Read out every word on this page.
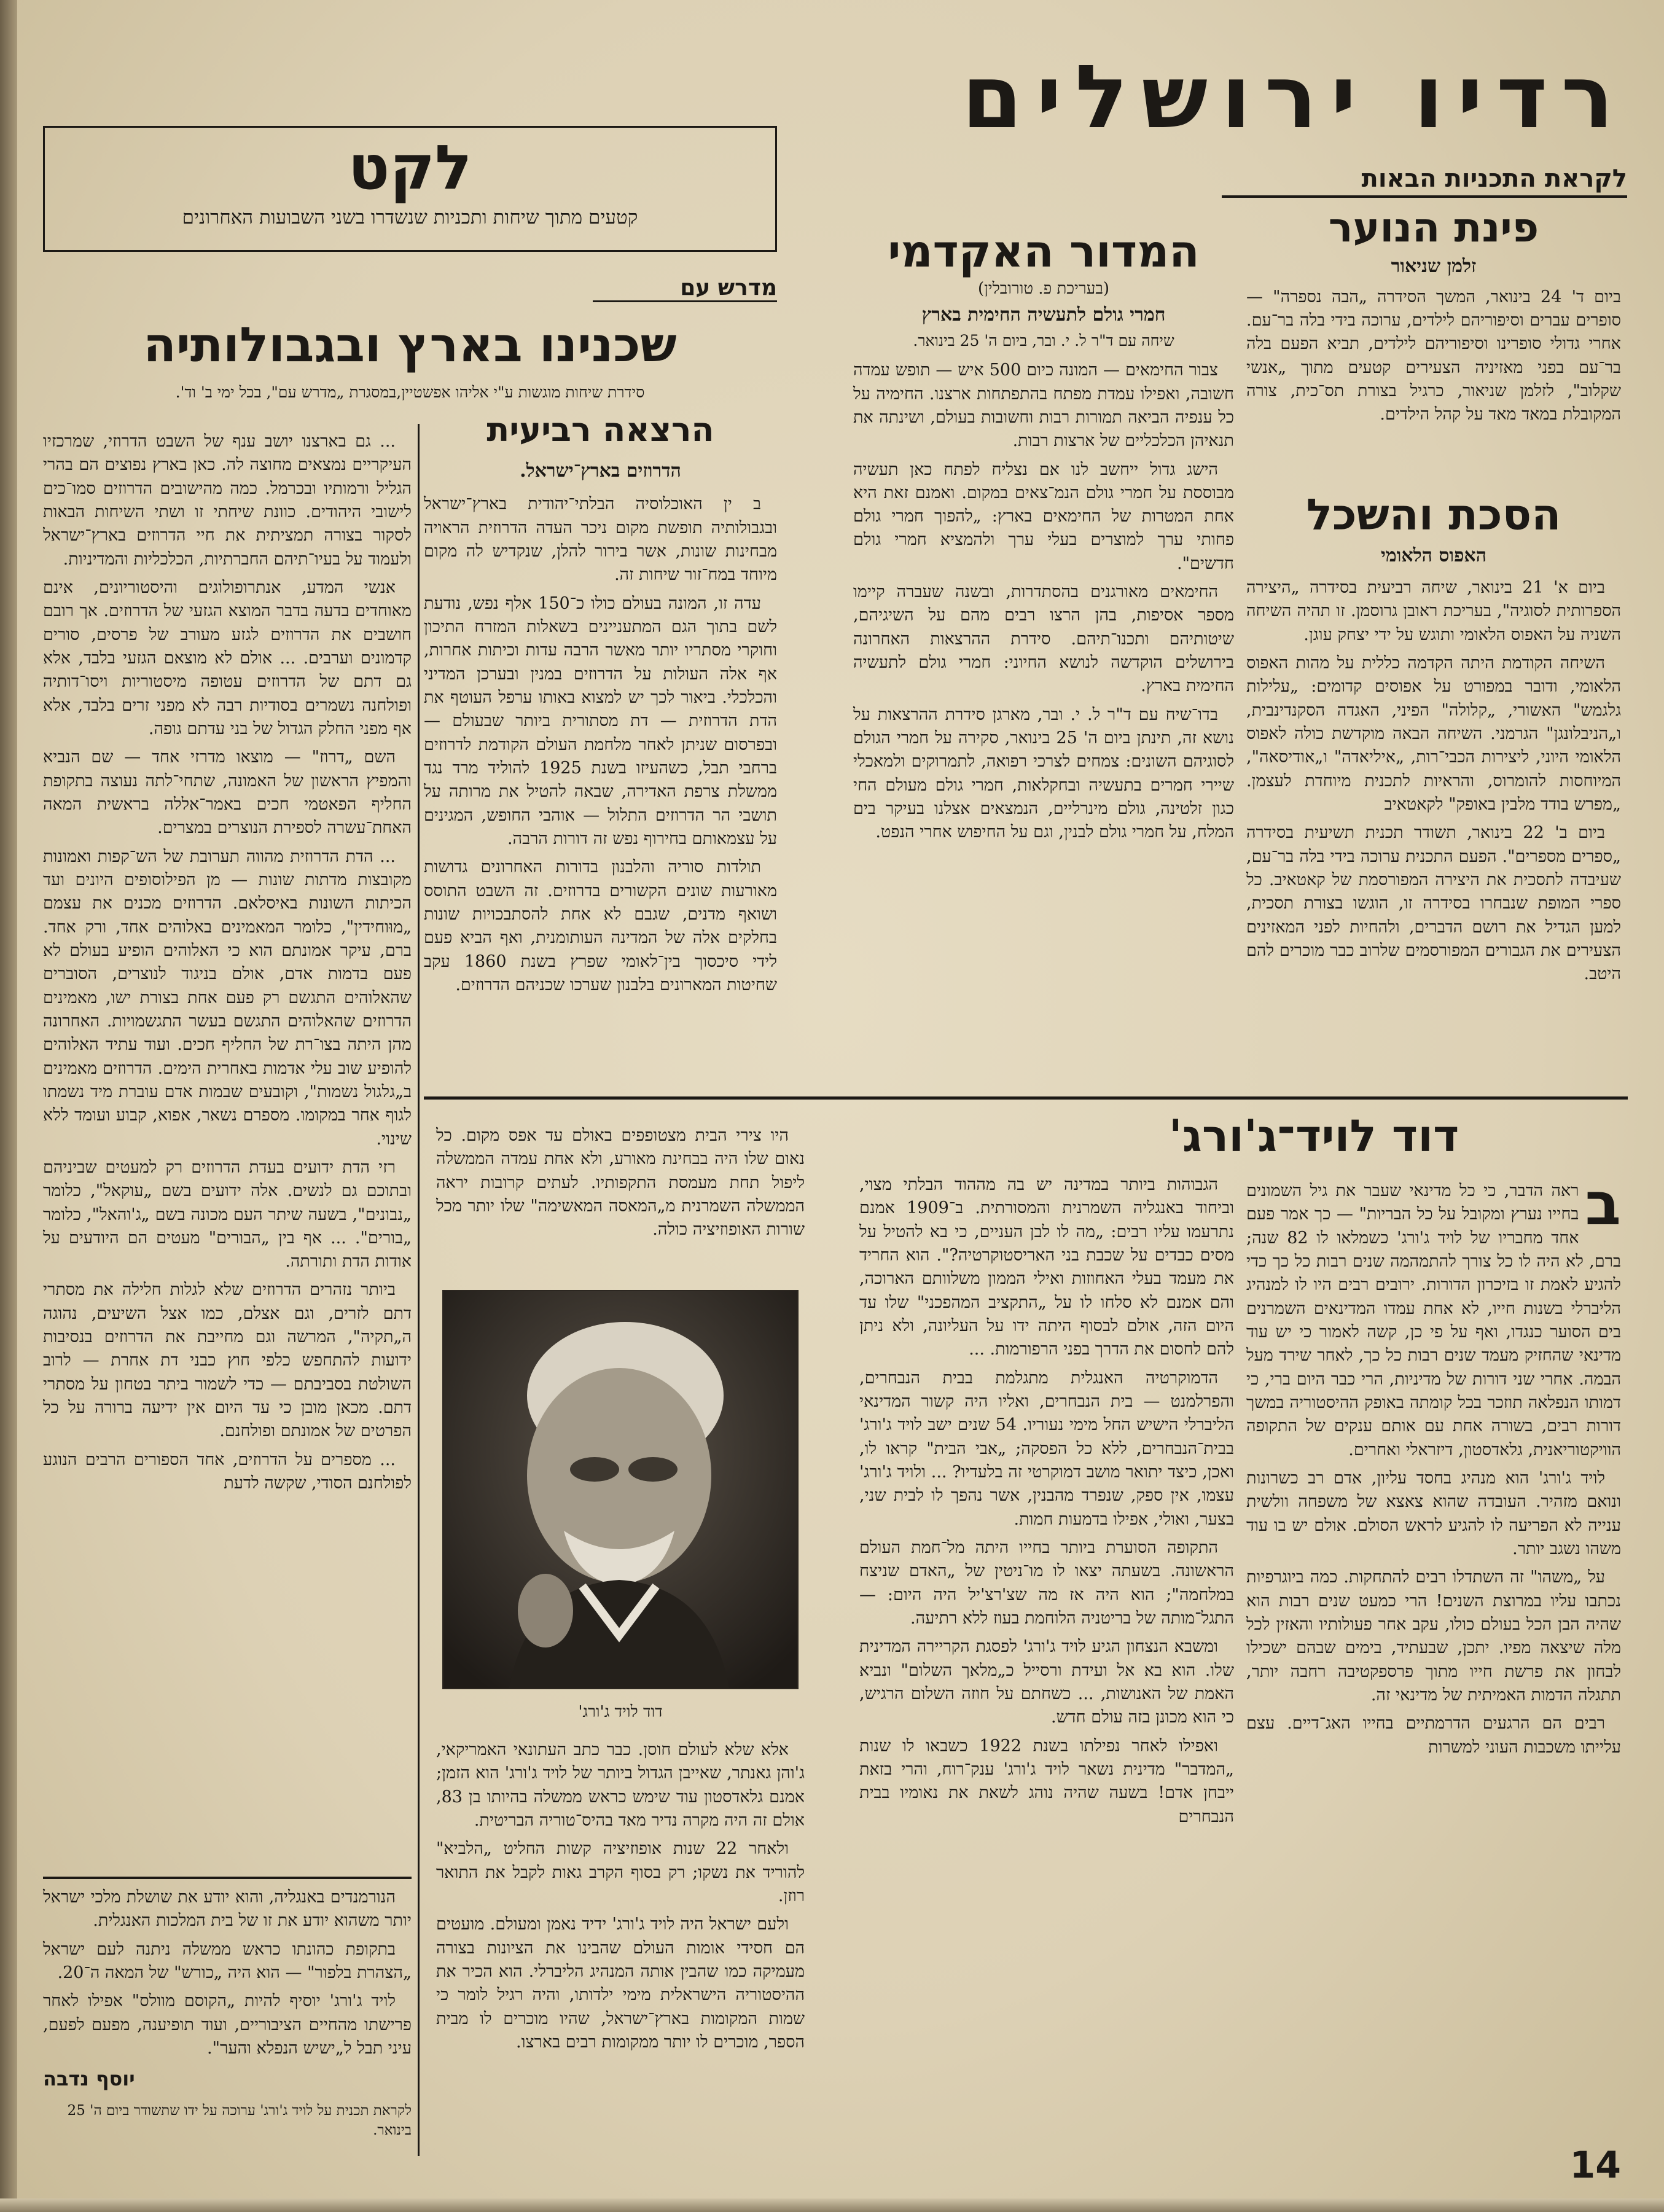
רדיו ירושלים
לקראת התכניות הבאות
לקט
קטעים מתוך שיחות ותכניות שנשדרו בשני השבועות האחרונים	פינת הנוער
זלמן שניאור
ביום ד' 24 בינואר, המשך הסידרה „הבה נספרה" — סופרים עברים וסיפוריהם לילדים, ערוכה בידי בלה בר־עם. אחרי גדולי סופרינו וסיפוריהם לילדים, תביא הפעם בלה בר־עם בפני מאזיניה הצעירים קטעים מתוך „אנשי שקלוב", לזלמן שניאור, כרגיל בצורת תס־כית, צורה המקובלת במאד מאד על קהל הילדים.
הסכת והשכל
האפוס הלאומי

ביום א' 21 בינואר, שיחה רביעית בסידרה „היצירה הספרותית לסוגיה", בעריכת ראובן גרוסמן. זו תהיה השיחה השניה על האפוס הלאומי ותוגש על ידי יצחק עוגן.

השיחה הקודמת היתה הקדמה כללית על מהות האפוס הלאומי, ודובר במפורט על אפוסים קדומים: „עלילות גלגמש" האשורי, „קלולה" הפיני, האגדה הסקנדינבית, ו„הניבלונגן" הגרמני. השיחה הבאה מוקדשת כולה לאפוס הלאומי היוני, ליצירות הכבי־רות, „איליאדה" ו„אודיסאה", המיוחסות להומרוס, והראיות לתכנית מיוחדת לעצמן. „מפרש בודד מלבין באופק" לקאטאיב

ביום ב' 22 בינואר, תשודר תכנית תשיעית בסידרה „ספרים מספרים". הפעם התכנית ערוכה בידי בלה בר־עם, שעיבדה לתסכית את היצירה המפורסמת של קאטאיב. כל ספרי המופת שנבחרו בסידרה זו, הוגשו בצורת תסכית, למען הגדיל את רושם הדברים, ולהחיות לפני המאזינים הצעירים את הגבורים המפורסמים שלרוב כבר מוכרים להם היטב.

המדור האקדמי
(בעריכת פ. טורובלין)
חמרי גולם לתעשיה החימית בארץ
שיחה עם ד"ר ל. י. ובר, ביום ה' 25 בינואר.

צבור החימאים — המונה כיום 500 איש — תופש עמדה חשובה, ואפילו עמדת מפתח בהתפתחות ארצנו. החימיה על כל ענפיה הביאה תמורות רבות וחשובות בעולם, ושינתה את תנאיהן הכלכליים של ארצות רבות.

הישג גדול ייחשב לנו אם נצליח לפתח כאן תעשיה מבוססת על חמרי גולם הנמ־צאים במקום. ואמנם זאת היא אחת המטרות של החימאים בארץ: „להפוך חמרי גולם פחותי ערך למוצרים בעלי ערך ולהמציא חמרי גולם חדשים".

החימאים מאורגנים בהסתדרות, ובשנה שעברה קיימו מספר אסיפות, בהן הרצו רבים מהם על השיגיהם, שיטותיהם ותכנו־תיהם. סידרת ההרצאות האחרונה בירושלים הוקדשה לנושא החיוני: חמרי גולם לתעשיה החימית בארץ.

בדו־שיח עם ד"ר ל. י. ובר, מארגן סידרת ההרצאות על נושא זה, תינתן ביום ה' 25 בינואר, סקירה על חמרי הגולם לסוגיהם השונים: צמחים לצרכי רפואה, לתמרוקים ולמאכלי שיירי חמרים בתעשיה ובחקלאות, חמרי גולם מעולם החי כגון זלטינה, גולם מינרליים, הנמצאים אצלנו בעיקר בים המלח, על חמרי גולם לבנין, וגם על החיפוש אחרי הנפט.

מדרש עם
שכנינו בארץ ובגבולותיה
סידרת שיחות מוגשות ע"י אליהו אפשטיין,במסגרת „מדרש עם", בכל ימי ב' וד'.
הרצאה רביעית
הדרוזים בארץ־ישראל.

ב ין האוכלוסיה הבלתי־יהודית בארץ־ישראל ובגבולותיה תופשת מקום ניכר העדה הדרוזית הראויה מבחינות שונות, אשר בירור להלן, שנקדיש לה מקום מיוחד במח־זור שיחות זה.

עדה זו, המונה בעולם כולו כ־150 אלף נפש, נודעת לשם בתוך הגם המתעניינים בשאלות המזרח התיכון וחוקרי מסתריו יותר מאשר הרבה עדות וכיתות אחרות, אף אלה העולות על הדרוזים במנין ובערכן המדיני והכלכלי. ביאור לכך יש למצוא באותו ערפל העוטף את הדת הדרוזית — דת מסתורית ביותר שבעולם — ובפרסום שניתן לאחר מלחמת העולם הקודמת לדרוזים ברחבי תבל, כשהעיזו בשנת 1925 להוליד מרד נגד ממשלת צרפת האדירה, שבאה להטיל את מרותה על תושבי הר הדרוזים התלול — אוהבי החופש, המגינים על עצמאותם בחירוף נפש זה דורות הרבה.

תולדות סוריה והלבנון בדורות האחרונים גדושות מאורעות שונים הקשורים בדרוזים. זה השבט התוסס ושואף מדנים, שגבם לא אחת להסתבכויות שונות בחלקים אלה של המדינה העותומנית, ואף הביא פעם לידי סיכסוך בין־לאומי שפרץ בשנת 1860 עקב שחיטות המארונים בלבנון שערכו שכניהם הדרוזים.

... גם בארצנו יושב ענף של השבט הדרוזי, שמרכזיו העיקריים נמצאים מחוצה לה. כאן בארץ נפוצים הם בהרי הגליל ורמותיו ובכרמל. כמה מהישובים הדרוזים סמו־כים לישובי היהודים. כוונת שיחתי זו ושתי השיחות הבאות לסקור בצורה תמציתית את חיי הדרוזים בארץ־ישראל ולעמוד על בעיו־תיהם החברתיות, הכלכליות והמדיניות.

אנשי המדע, אנתרופולוגים והיסטוריונים, אינם מאוחדים בדעה בדבר המוצא הגזעי של הדרוזים. אך רובם חושבים את הדרוזים לגזע מעורב של פרסים, סורים קדמונים וערבים. ... אולם לא מוצאם הגזעי בלבד, אלא גם דתם של הדרוזים עטופה מיסטוריות ויסו־דותיה ופולחנה נשמרים בסודיות רבה לא מפני זרים בלבד, אלא אף מפני החלק הגדול של בני עדתם גופה.

השם „דרוז" — מוצאו מדרזי אחד — שם הנביא והמפיץ הראשון של האמונה, שתחי־לתה נעוצה בתקופת החליף הפאטמי חכים באמר־אללה בראשית המאה האחת־עשרה לספירת הנוצרים במצרים.

... הדת הדרוזית מהווה תערובת של הש־קפות ואמונות מקובצות מדתות שונות — מן הפילוסופים היונים ועד הכיתות השונות באיסלאם. הדרוזים מכנים את עצמם „מוּוחידין", כלומר המאמינים באלוהים אחד, ורק אחד. ברם, עיקר אמונתם הוא כי האלוהים הופיע בעולם לא פעם בדמות אדם, אולם בניגוד לנוצרים, הסוברים שהאלוהים התגשם רק פעם אחת בצורת ישו, מאמינים הדרוזים שהאלוהים התגשם בעשר התגשמויות. האחרונה מהן היתה בצו־רת של החליף חכים. ועוד עתיד האלוהים להופיע שוב עלי אדמות באחרית הימים. הדרוזים מאמינים ב„גלגול נשמות", וקובעים שבמות אדם עוברת מיד נשמתו לגוף אחר במקומו. מספרם נשאר, אפוא, קבוע ועומד ללא שינוי.

רזי הדת ידועים בעדת הדרוזים רק למעטים שביניהם ובתוכם גם לנשים. אלה ידועים בשם „עוקאל", כלומר „נבונים", בשעה שיתר העם מכונה בשם „ג'והאל", כלומר „בורים". ... אף בין „הבורים" מעטים הם היודעים על אודות הדת ותורתה.

ביותר נזהרים הדרוזים שלא לגלות חלילה את מסתרי דתם לזרים, וגם אצלם, כמו אצל השיעים, נהוגה ה„תקיה", המרשה וגם מחייבת את הדרוזים בנסיבות ידועות להתחפש כלפי חוץ כבני דת אחרת — לרוב השולטת בסביבתם — כדי לשמור ביתר בטחון על מסתרי דתם. מכאן מובן כי עד היום אין ידיעה ברורה על כל הפרטים של אמונתם ופולחנם.

... מספרים על הדרוזים, אחד הספורים הרבים הנוגע לפולחנם הסודי, שקשה לדעת

דוד לויד־ג'ורג'
ב

ראה הדבר, כי כל מדינאי שעבר את גיל השמונים בחייו נערץ ומקובל על כל הבריות" — כך אמר פעם אחד מחבריו של לויד ג'ורג' כשמלאו לו 82 שנה; ברם, לא היה לו כל צורך להתמהמה שנים רבות כל כך כדי להגיע לאמת זו בזיכרון הדורות. ירובים רבים היו לו למנהיג הליברלי בשנות חייו, לא אחת עמדו המדינאים השמרנים בים הסוער כנגדו, ואף על פי כן, קשה לאמור כי יש עוד מדינאי שהחזיק מעמד שנים רבות כל כך, לאחר שירד מעל הבמה. אחרי שני דורות של מדיניות, הרי כבר היום ברי, כי דמותו הנפלאה תוזכר בכל קומתה באופק ההיסטוריה במשך דורות רבים, בשורה אחת עם אותם ענקים של התקופה הוויקטוריאנית, גלאדסטון, דיזראלי ואחרים.

לויד ג'ורג' הוא מנהיג בחסד עליון, אדם רב כשרונות ונואם מזהיר. העובדה שהוא צאצא של משפחה וולשית ענייה לא הפריעה לו להגיע לראש הסולם. אולם יש בו עוד משהו נשגב יותר.

על „משהו" זה השתדלו רבים להתחקות. כמה ביוגרפיות נכתבו עליו במרוצת השנים! הרי כמעט שנים רבות הוא שהיה הבן הכל בעולם כולו, עקב אחר פעולותיו והאזין לכל מלה שיצאה מפיו. יתכן, שבעתיד, בימים שבהם ישכילו לבחון את פרשת חייו מתוך פרספקטיבה רחבה יותר, תתגלה הדמות האמיתית של מדינאי זה.

רבים הם הרגעים הדרמתיים בחייו האג־דיים. עצם עלייתו משכבות העוני למשרות

הגבוהות ביותר במדינה יש בה מההוד הבלתי מצוי, וביחוד באנגליה השמרנית והמסורתית. ב־1909 אמנם נתרעמו עליו רבים: „מה לו לבן העניים, כי בא להטיל על מסים כבדים על שכבת בני האריסטוקרטיה?". הוא החריד את מעמד בעלי האחוזות ואילי הממון משלוותם הארוכה, והם אמנם לא סלחו לו על „התקציב המהפכני" שלו עד היום הזה, אולם לבסוף היתה ידו על העליונה, ולא ניתן להם לחסום את הדרך בפני הרפורמות. ...

הדמוקרטיה האנגלית מתגלמת בבית הנבחרים, והפרלמנט — בית הנבחרים, ואליו היה קשור המדינאי הליברלי הישיש החל מימי נעוריו. 54 שנים ישב לויד ג'ורג' בבית־הנבחרים, ללא כל הפסקה; „אבי הבית" קראו לו, ואכן, כיצד יתואר מושב דמוקרטי זה בלעדיו? ... ולויד ג'ורג' עצמו, אין ספק, שנפרד מהבנין, אשר נהפך לו לבית שני, בצער, ואולי, אפילו בדמעות חמות.

התקופה הסוערת ביותר בחייו היתה מל־חמת העולם הראשונה. בשעתה יצאו לו מו־ניטין של „האדם שניצח במלחמה"; הוא היה אז מה שצ'רצ'יל היה היום: — התגל־מותה של בריטניה הלוחמת בעוז ללא רתיעה.

ומשבא הנצחון הגיע לויד ג'ורג' לפסגת הקריירה המדינית שלו. הוא בא אל ועידת ורסייל כ„מלאך השלום" ונביא האמת של האנושות, ... כשחתם על חוזה השלום הרגיש, כי הוא מכונן בזה עולם חדש.

ואפילו לאחר נפילתו בשנת 1922 כשבאו לו שנות „המדבר" מדינית נשאר לויד ג'ורג' ענק־רוח, והרי בזאת ייבחן אדם! בשעה שהיה נוהג לשאת את נאומיו בבית הנבחרים

היו צירי הבית מצטופפים באולם עד אפס מקום. כל נאום שלו היה בבחינת מאורע, ולא אחת עמדה הממשלה ליפול תחת מעמסת התקפותיו. לעתים קרובות יראה הממשלה השמרנית מ„המאסה המאשימה" שלו יותר מכל שורות האופוזיציה כולה.

דוד לויד ג'ורג'

אלא שלא לעולם חוסן. כבר כתב העתונאי האמריקאי, ג'והן גאנתר, שאייבן הגדול ביותר של לויד ג'ורג' הוא הזמן; אמנם גלאדסטון עוד שימש כראש ממשלה בהיותו בן 83, אולם זה היה מקרה נדיר מאד בהיס־טוריה הבריטית.

ולאחר 22 שנות אופוזיציה קשות החליט „הלביא" להוריד את נשקו; רק בסוף הקרב גאות לקבל את התואר רוזן.

ולעם ישראל היה לויד ג'ורג' ידיד נאמן ומעולם. מועטים הם חסידי אומות העולם שהבינו את הציונות בצורה מעמיקה כמו שהבין אותה המנהיג הליברלי. הוא הכיר את ההיסטוריה הישראלית מימי ילדותו, והיה רגיל לומר כי שמות המקומות בארץ־ישראל, שהיו מוכרים לו מבית הספר, מוכרים לו יותר ממקומות רבים בארצו.

הנורמנדים באנגליה, והוא יודע את שושלת מלכי ישראל יותר משהוא יודע את זו של בית המלכות האנגלית.

בתקופת כהונתו כראש ממשלה ניתנה לעם ישראל „הצהרת בלפור" — הוא היה „כורש" של המאה ה־20.

לויד ג'ורג' יוסיף להיות „הקוסם מוולס" אפילו לאחר פרישתו מהחיים הציבוריים, ועוד תופיענה, מפעם לפעם, עיני תבל ל„ישיש הנפלא והער".

יוסף נדבה
לקראת תכנית על לויד ג'ורג' ערוכה על ידו שתשודר ביום ה' 25 בינואר.
14
